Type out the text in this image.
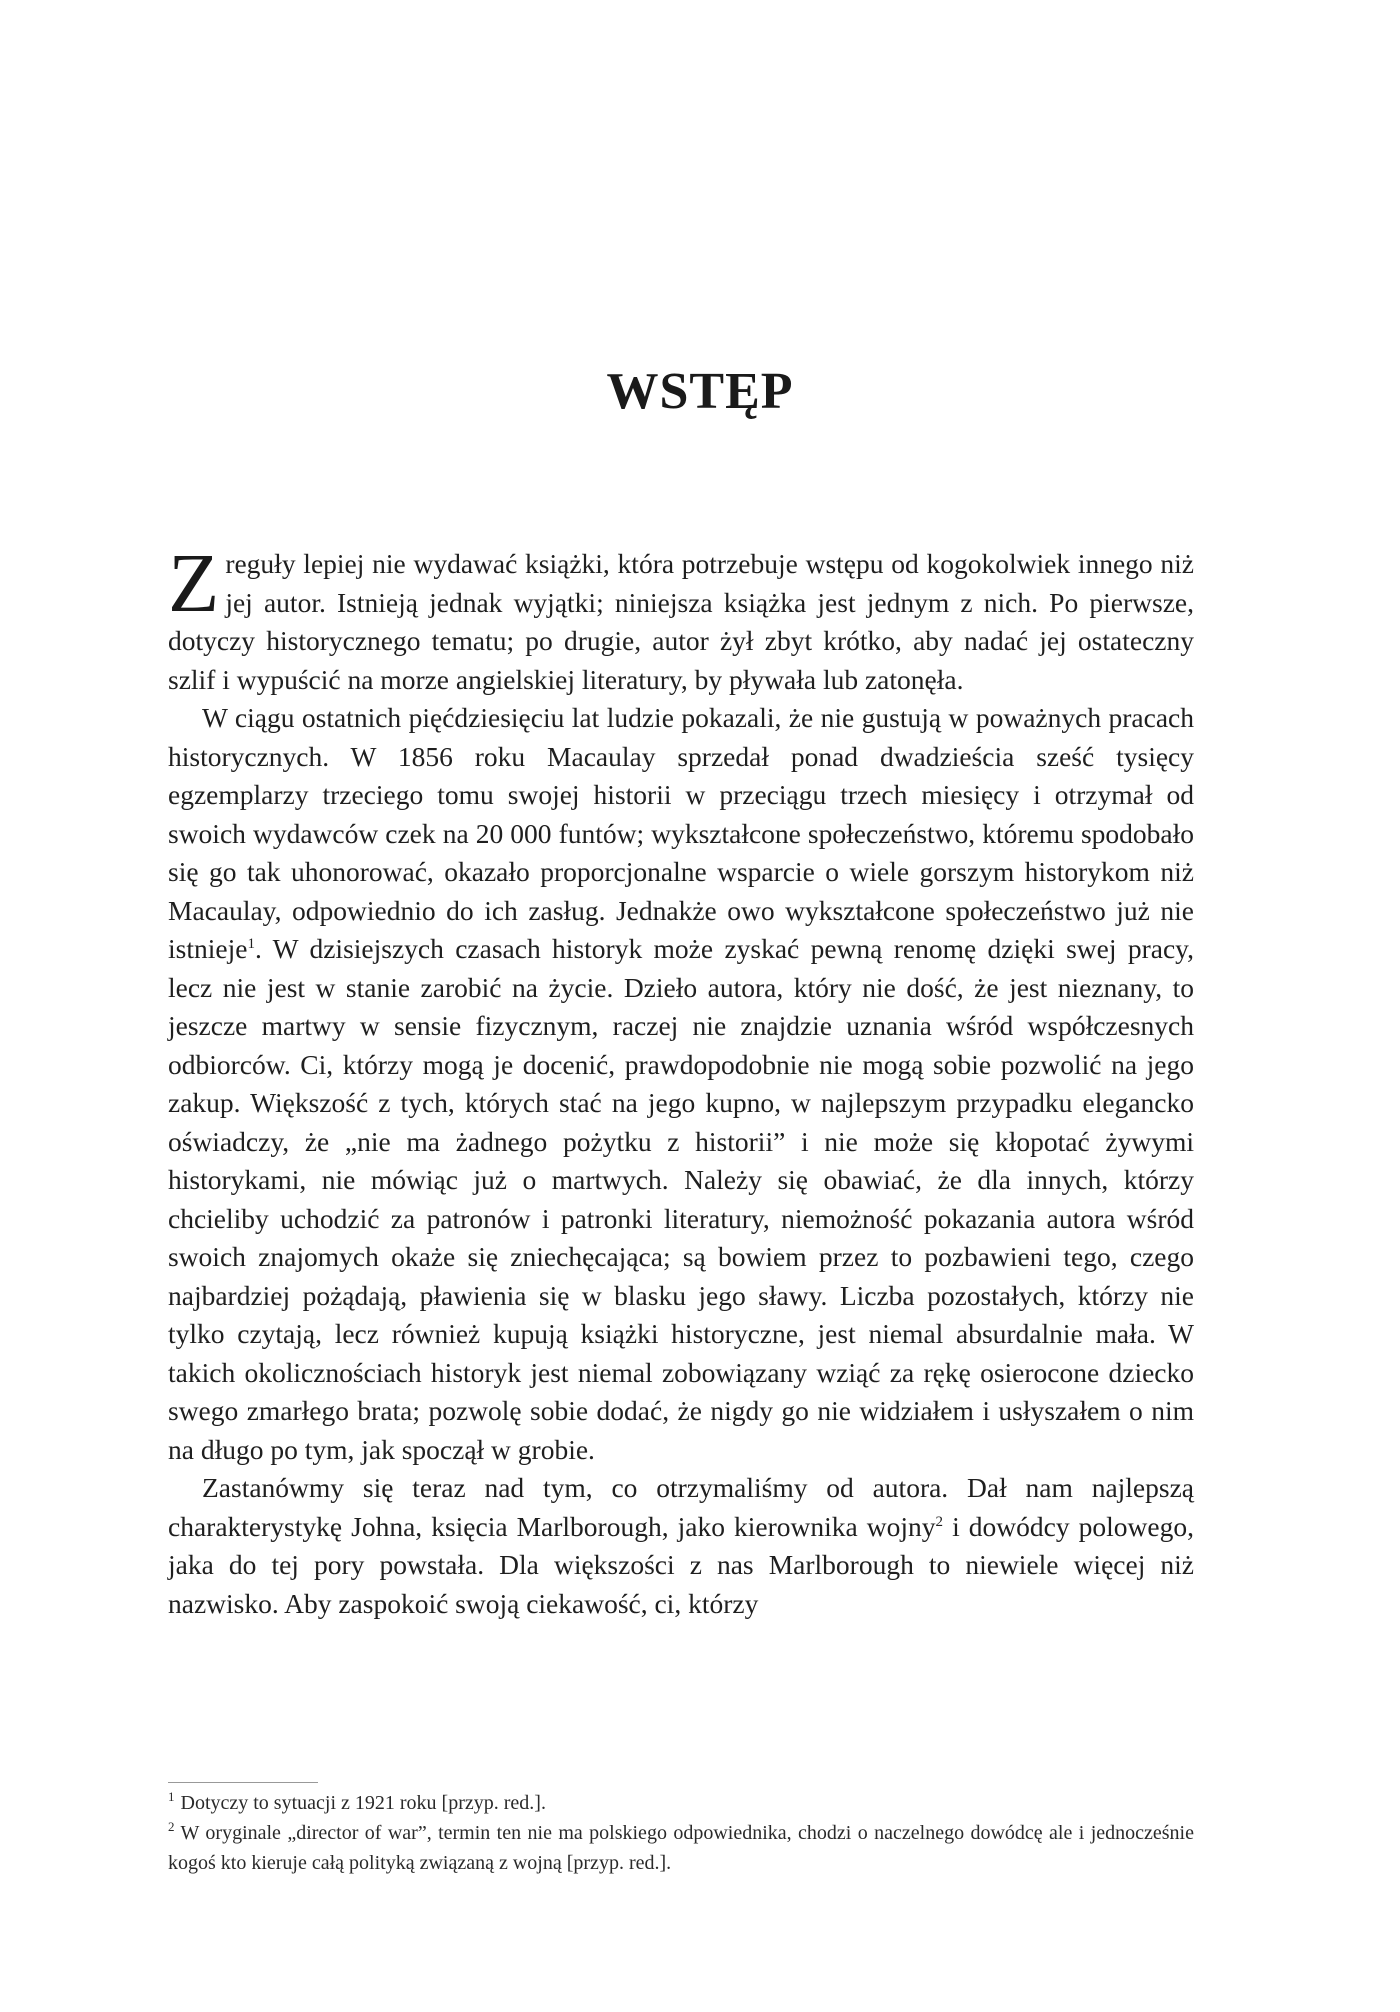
WSTĘP

Z reguły lepiej nie wydawać książki, która potrzebuje wstępu od kogokolwiek innego niż jej autor. Istnieją jednak wyjątki; niniejsza książka jest jednym z nich. Po pierwsze, dotyczy historycznego tematu; po drugie, autor żył zbyt krótko, aby nadać jej ostateczny szlif i wypuścić na morze angielskiej literatury, by pływała lub zatonęła.

W ciągu ostatnich pięćdziesięciu lat ludzie pokazali, że nie gustują w poważnych pracach historycznych. W 1856 roku Macaulay sprzedał ponad dwadzieścia sześć tysięcy egzemplarzy trzeciego tomu swojej historii w przeciągu trzech miesięcy i otrzymał od swoich wydawców czek na 20 000 funtów; wykształcone społeczeństwo, któremu spodobało się go tak uhonorować, okazało proporcjonalne wsparcie o wiele gorszym historykom niż Macaulay, odpowiednio do ich zasług. Jednakże owo wykształcone społeczeństwo już nie istnieje$^1$. W dzisiejszych czasach historyk może zyskać pewną renomę dzięki swej pracy, lecz nie jest w stanie zarobić na życie. Dzieło autora, który nie dość, że jest nieznany, to jeszcze martwy w sensie fizycznym, raczej nie znajdzie uznania wśród współczesnych odbiorców. Ci, którzy mogą je docenić, prawdopodobnie nie mogą sobie pozwolić na jego zakup. Większość z tych, których stać na jego kupno, w najlepszym przypadku elegancko oświadczy, że „nie ma żadnego pożytku z historii” i nie może się kłopotać żywymi historykami, nie mówiąc już o martwych. Należy się obawiać, że dla innych, którzy chcieliby uchodzić za patronów i patronki literatury, niemożność pokazania autora wśród swoich znajomych okaże się zniechęcająca; są bowiem przez to pozbawieni tego, czego najbardziej pożądają, pławienia się w blasku jego sławy. Liczba pozostałych, którzy nie tylko czytają, lecz również kupują książki historyczne, jest niemal absurdalnie mała. W takich okolicznościach historyk jest niemal zobowiązany wziąć za rękę osierocone dziecko swego zmarłego brata; pozwolę sobie dodać, że nigdy go nie widziałem i usłyszałem o nim na długo po tym, jak spoczął w grobie.

Zastanówmy się teraz nad tym, co otrzymaliśmy od autora. Dał nam najlepszą charakterystykę Johna, księcia Marlborough, jako kierownika wojny$^2$ i dowódcy polowego, jaka do tej pory powstała. Dla większości z nas Marlborough to niewiele więcej niż nazwisko. Aby zaspokoić swoją ciekawość, ci, którzy

$^1$ Dotyczy to sytuacji z 1921 roku [przyp. red.].

$^2$ W oryginale „director of war”, termin ten nie ma polskiego odpowiednika, chodzi o naczelnego dowódcę ale i jednocześnie kogoś kto kieruje całą polityką związaną z wojną [przyp. red.].
